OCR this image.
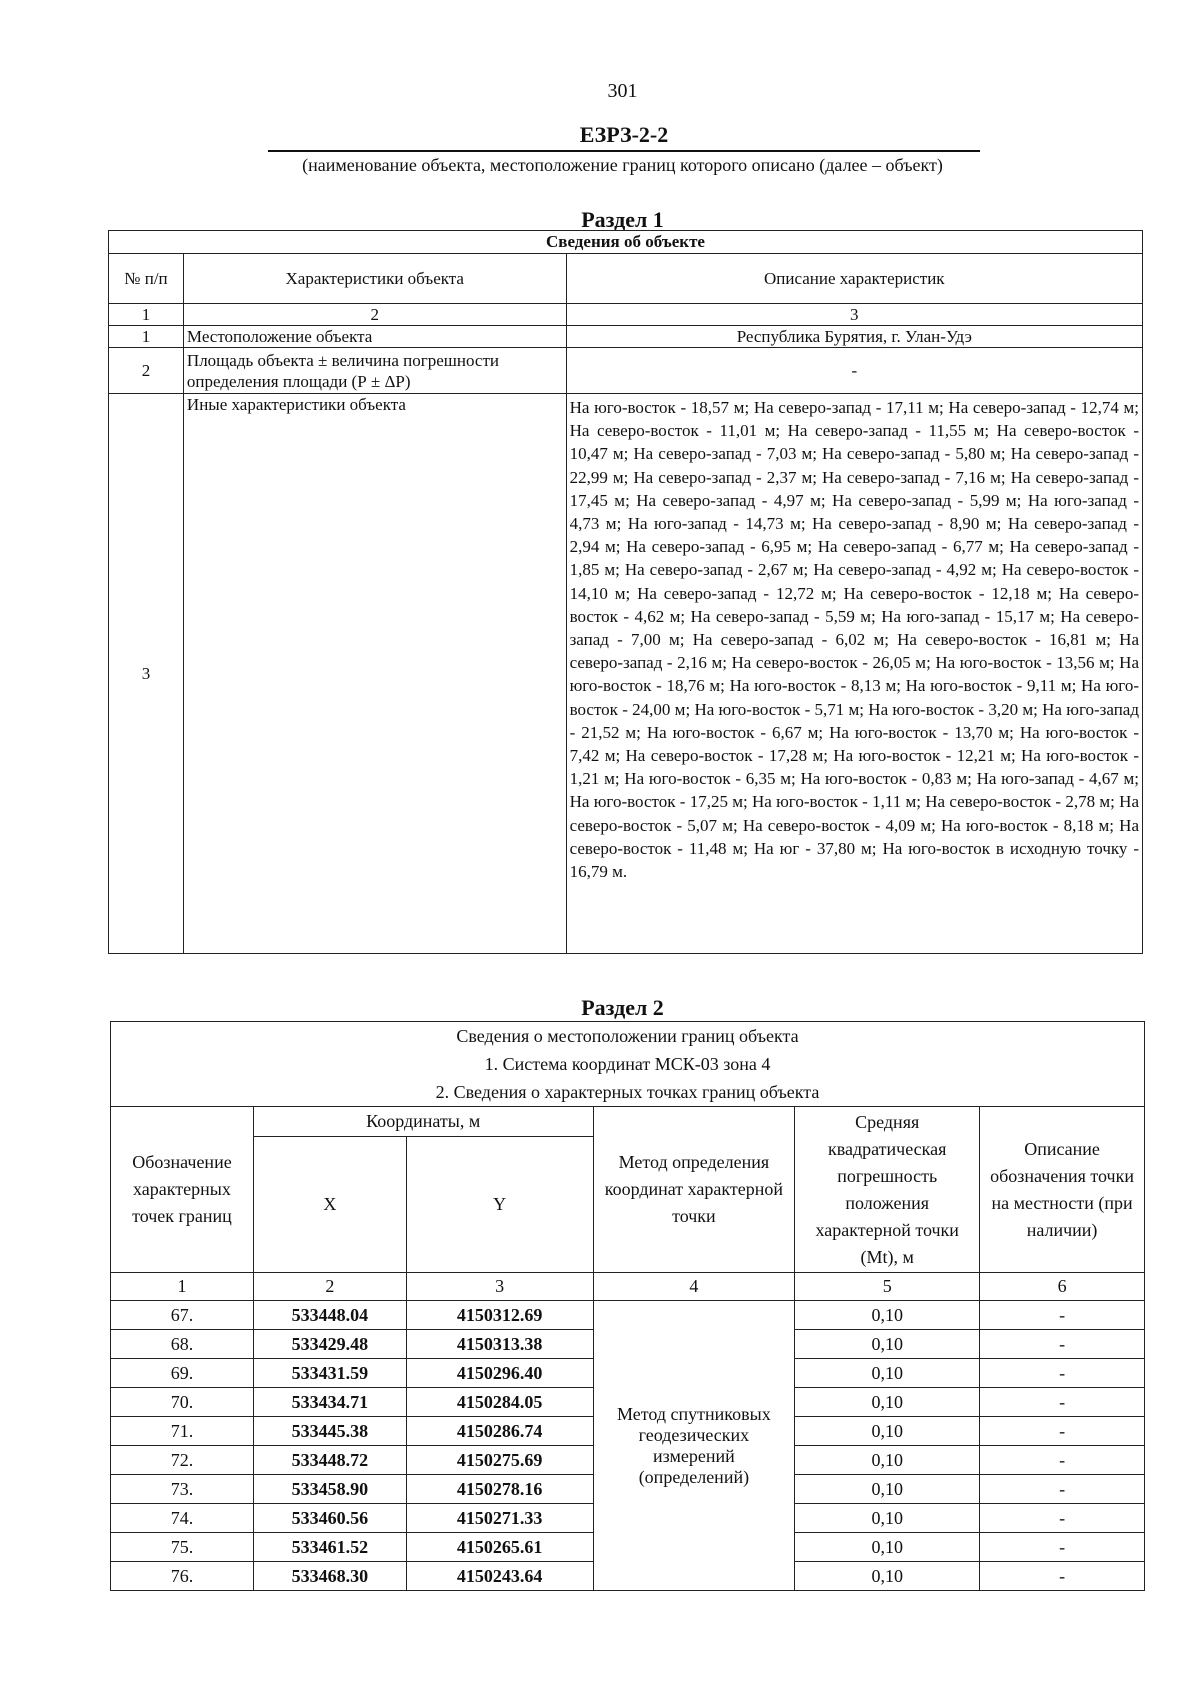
301
ЕЗРЗ-2-2
(наименование объекта, местоположение границ которого описано (далее – объект)
Раздел 1
Сведения об объекте		
№ п/п	Характеристики объекта	Описание характеристик
1	2	3
1	Местоположение объекта	Республика Бурятия, г. Улан-Удэ
2	Площадь объекта ± величина погрешности определения площади (Р ± ΔР)	-
3	Иные характеристики объекта	На юго-восток - 18,57 м; На северо-запад - 17,11 м; На северо-запад - 12,74 м; На северо-восток - 11,01 м; На северо-запад - 11,55 м; На северо-восток - 10,47 м; На северо-запад - 7,03 м; На северо-запад - 5,80 м; На северо-запад - 22,99 м; На северо-запад - 2,37 м; На северо-запад - 7,16 м; На северо-запад - 17,45 м; На северо-запад - 4,97 м; На северо-запад - 5,99 м; На юго-запад - 4,73 м; На юго-запад - 14,73 м; На северо-запад - 8,90 м; На северо-запад - 2,94 м; На северо-запад - 6,95 м; На северо-запад - 6,77 м; На северо-запад - 1,85 м; На северо-запад - 2,67 м; На северо-запад - 4,92 м; На северо-восток - 14,10 м; На северо-запад - 12,72 м; На северо-восток - 12,18 м; На северо-восток - 4,62 м; На северо-запад - 5,59 м; На юго-запад - 15,17 м; На северо-запад - 7,00 м; На северо-запад - 6,02 м; На северо-восток - 16,81 м; На северо-запад - 2,16 м; На северо-восток - 26,05 м; На юго-восток - 13,56 м; На юго-восток - 18,76 м; На юго-восток - 8,13 м; На юго-восток - 9,11 м; На юго-восток - 24,00 м; На юго-восток - 5,71 м; На юго-восток - 3,20 м; На юго-запад - 21,52 м; На юго-восток - 6,67 м; На юго-восток - 13,70 м; На юго-восток - 7,42 м; На северо-восток - 17,28 м; На юго-восток - 12,21 м; На юго-восток - 1,21 м; На юго-восток - 6,35 м; На юго-восток - 0,83 м; На юго-запад - 4,67 м; На юго-восток - 17,25 м; На юго-восток - 1,11 м; На северо-восток - 2,78 м; На северо-восток - 5,07 м; На северо-восток - 4,09 м; На юго-восток - 8,18 м; На северо-восток - 11,48 м; На юг - 37,80 м; На юго-восток в исходную точку - 16,79 м.
Раздел 2
Сведения о местоположении границ объекта					
1. Система координат МСК-03 зона 4					
2. Сведения о характерных точках границ объекта					
Обозначение характерных точек границ	Координаты, м		Метод определения координат характерной точки	Средняя квадратическая погрешность положения характерной точки (Mt), м	Описание обозначения точки на местности (при наличии)
	X	Y			
1	2	3	4	5	6
67.	533448.04	4150312.69	Метод спутниковых геодезических измерений (определений)	0,10	-
68.	533429.48	4150313.38		0,10	-
69.	533431.59	4150296.40		0,10	-
70.	533434.71	4150284.05		0,10	-
71.	533445.38	4150286.74		0,10	-
72.	533448.72	4150275.69		0,10	-
73.	533458.90	4150278.16		0,10	-
74.	533460.56	4150271.33		0,10	-
75.	533461.52	4150265.61		0,10	-
76.	533468.30	4150243.64		0,10	-
